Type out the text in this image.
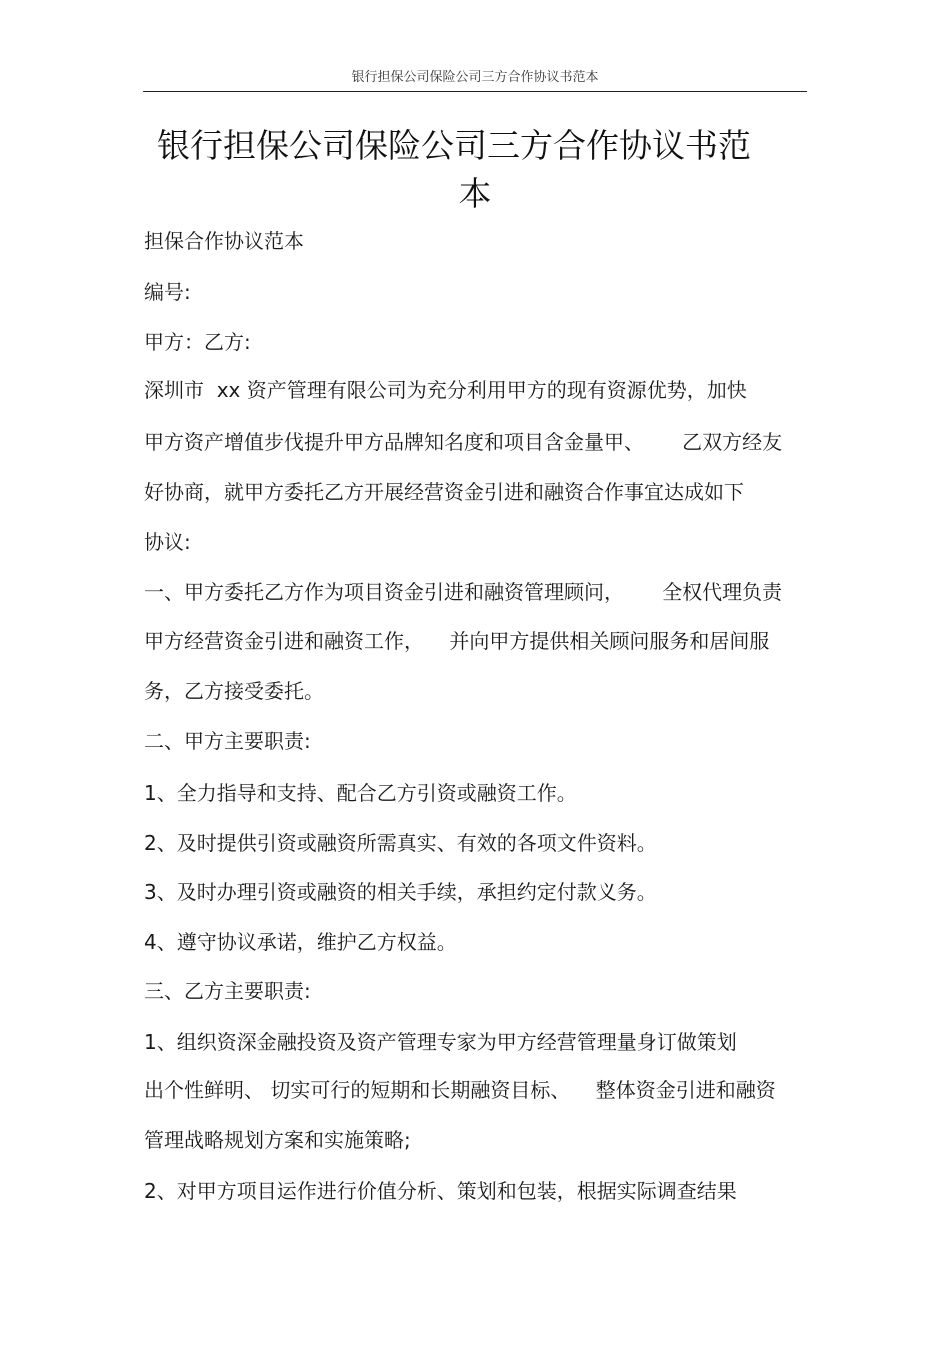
银行担保公司保险公司三方合作协议书范本
银行担保公司保险公司三方合作协议书范
本
担保合作协议范本
编号:
甲方：乙方:
深圳市  xx 资产管理有限公司为充分利用甲方的现有资源优势，加快
甲方资产增值步伐提升甲方品牌知名度和项目含金量甲、      乙双方经友
好协商，就甲方委托乙方开展经营资金引进和融资合作事宜达成如下
协议:
一、甲方委托乙方作为项目资金引进和融资管理顾问，      全权代理负责
甲方经营资金引进和融资工作，    并向甲方提供相关顾问服务和居间服
务，乙方接受委托。
二、甲方主要职责:
1、全力指导和支持、配合乙方引资或融资工作。
2、及时提供引资或融资所需真实、有效的各项文件资料。
3、及时办理引资或融资的相关手续，承担约定付款义务。
4、遵守协议承诺，维护乙方权益。
三、乙方主要职责:
1、组织资深金融投资及资产管理专家为甲方经营管理量身订做策划
出个性鲜明、 切实可行的短期和长期融资目标、    整体资金引进和融资
管理战略规划方案和实施策略;
2、对甲方项目运作进行价值分析、策划和包装，根据实际调查结果
